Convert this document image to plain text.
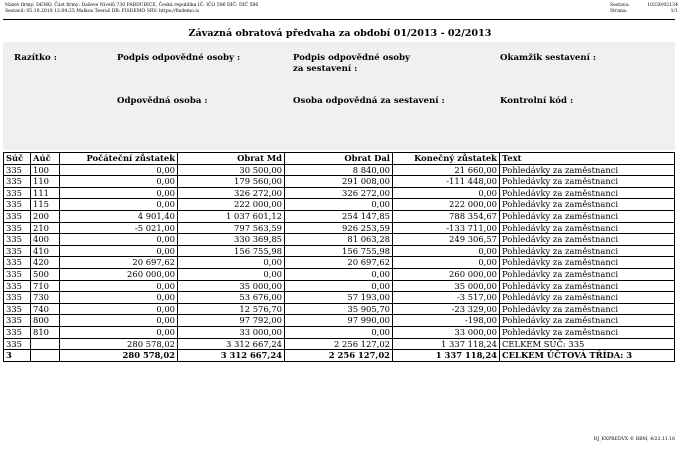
Název firmy: DEMO, Část firmy: Daševe Nivelů 730 PARDUBICE, Česká republika IČ: IČO 586 DIČ: DIČ 586
Sestavil: 05.10.2018 12:04:25 Malkus Teeraš DB: FISDEMO SRV: https://fisdemo.is
Sestava:	10230/02134
Strana:	1/1
Závazná obratová předvaha za období 01/2013 - 02/2013
Razítko :	Podpis odpovědné osoby :	Podpis odpovědné osoby
za sestavení :
Okamžik sestavení :
Odpovědná osoba :	Osoba odpovědná za sestavení :	Kontrolní kód :
Súč	Aúč	Počáteční zůstatek	Obrat Md	Obrat Dal	Konečný zůstatek	Text
335	100	0,00	30 500,00	8 840,00	21 660,00	Pohledávky za zaměstnanci
335	110	0,00	179 560,00	291 008,00	-111 448,00	Pohledávky za zaměstnanci
335	111	0,00	326 272,00	326 272,00	0,00	Pohledávky za zaměstnanci
335	115	0,00	222 000,00	0,00	222 000,00	Pohledávky za zaměstnanci
335	200	4 901,40	1 037 601,12	254 147,85	788 354,67	Pohledávky za zaměstnanci
335	210	-5 021,00	797 563,59	926 253,59	-133 711,00	Pohledávky za zaměstnanci
335	400	0,00	330 369,85	81 063,28	249 306,57	Pohledávky za zaměstnanci
335	410	0,00	156 755,98	156 755,98	0,00	Pohledávky za zaměstnanci
335	420	20 697,62	0,00	20 697,62	0,00	Pohledávky za zaměstnanci
335	500	260 000,00	0,00	0,00	260 000,00	Pohledávky za zaměstnanci
335	710	0,00	35 000,00	0,00	35 000,00	Pohledávky za zaměstnanci
335	730	0,00	53 676,00	57 193,00	-3 517,00	Pohledávky za zaměstnanci
335	740	0,00	12 576,70	35 905,70	-23 329,00	Pohledávky za zaměstnanci
335	800	0,00	97 792,00	97 990,00	-198,00	Pohledávky za zaměstnanci
335	810	0,00	33 000,00	0,00	33 000,00	Pohledávky za zaměstnanci
335		280 578,02	3 312 667,24	2 256 127,02	1 337 118,24	CELKEM SÚČ: 335
3		280 578,02	3 312 667,24	2 256 127,02	1 337 118,24	CELKEM ÚČTOVÁ TŘÍDA: 3
RJ_EXPREDVX © BBM, 4/23.11.16
